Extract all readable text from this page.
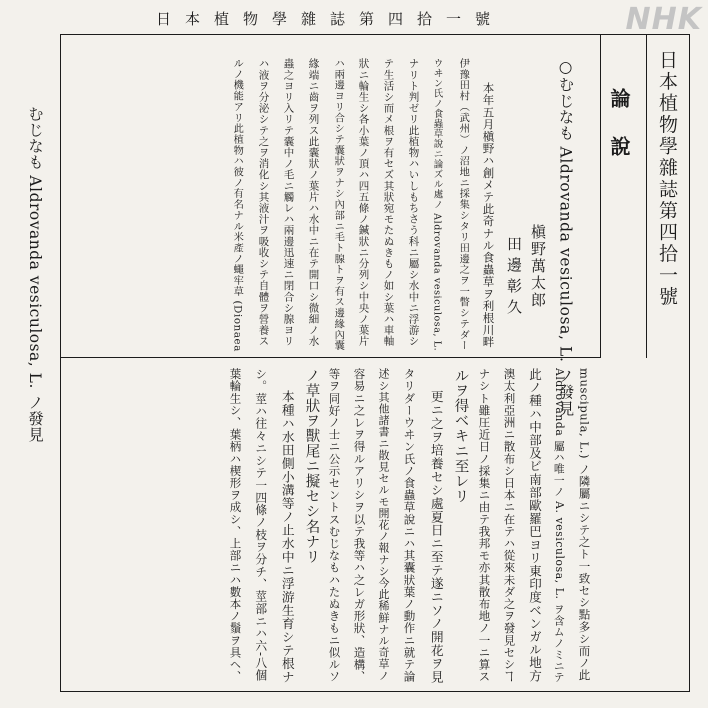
日本植物學雜誌第四拾一號	NHK
日本植物學雜誌第四拾一號
論說
○むじなも Aldrovanda vesiculosa, L. ノ發見
槇野萬太郎
田邊彰久
本年五月槇野ハ創メテ此奇ナル食蟲草ヲ利根川畔
伊豫田村（武州）ノ沼地ニ採集シタリ田邊之ヲ一瞥シテダー
ウヰン氏ノ食蟲草說ニ論ズル處ノ Aldrovanda vesiculosa, L.
ナリト判ゼリ此植物ハいしもちさう科ニ屬シ水中ニ浮游シ
テ生活シ而メ根ヲ有セズ其狀宛モたぬきもノ如シ葉ハ車軸
狀ニ輪生シ各小葉ノ頂ハ四五條ノ鍼狀ニ分列シ中央ノ葉片
ハ兩邊ヨリ合シテ囊狀ヲナシ內部ニ毛ト腺トヲ有ス邊緣內囊
緣端ニ齒ヲ列ス此囊狀ノ葉片ハ水中ニ在テ開口シ微細ノ水
蟲之ヨリ入リテ囊中ノ毛ニ觸レハ兩邊迅速ニ閉合シ腺ヨリ
ハ液ヲ分泌シテ之ヲ消化シ其液汁ヲ吸收シテ自體ヲ營養ス
ルノ機能アリ此植物ハ彼ノ有名ナル米產ノ蠅牢草 (Dionaea
muscipula, L.) ノ隣屬ニシテ之ト一致セシ點多シ而ノ此
Aldrovanda 屬ハ唯一ノ A. vesiculosa, L. ヲ含ムノミニテ
此ノ種ハ中部及ビ南部歐羅巴ヨリ東印度ベンガル地方
澳太利亞洲ニ散布シ日本ニ在テハ從來未ダ之ヲ發見セシヿ
ナシト雖圧近日ノ採集ニ由テ我邦モ亦其散布地ノ一ニ算ス
ルヲ得ベキニ至レリ
更ニ之ヲ培養セシ處夏日ニ至テ遂ニソノ開花ヲ見
タリダーウヰン氏ノ食蟲草說ニハ其囊狀葉ノ動作ニ就テ論
述シ其他諸書ニ散見セルモ開花ノ報ナシ今此稀鮮ナル奇草ノ
容易ニ之レヲ得ルアリシヲ以テ我等ハ之レガ形狀、造構、
等ヲ同好ノ士ニ公示セントスむじなもハたぬきもニ似ルソ
ノ草狀ヲ獸尾ニ擬セシ名ナリ
本種ハ水田側小溝等ノ止水中ニ浮游生育シテ根ナ
シ。莖ハ往々ニシテ一四條ノ枝ヲ分チ、莖部ニハ六-八個
葉輪生シ、葉柄ハ楔形ヲ成シ、上部ニハ數本ノ鬚ヲ具ヘ、
むじなも Aldrovanda vesiculosa, L. ノ發見
